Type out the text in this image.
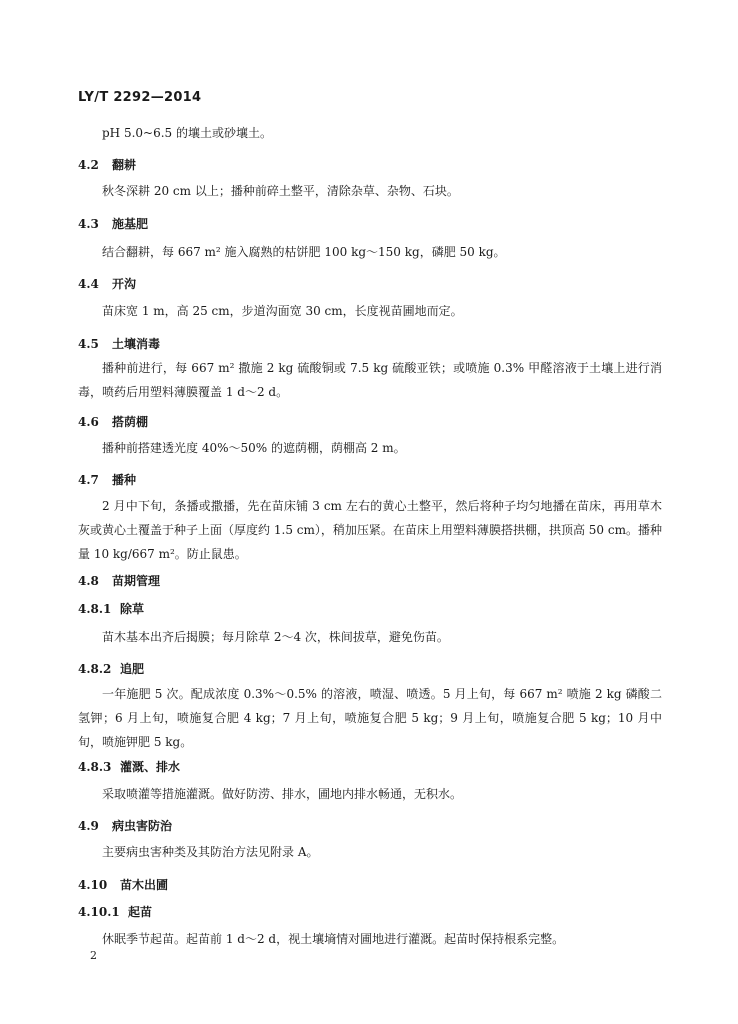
LY/T 2292—2014
pH 5.0~6.5 的壤土或砂壤土。
4.2 翻耕
秋冬深耕 20 cm 以上；播种前碎土整平，清除杂草、杂物、石块。
4.3 施基肥
结合翻耕，每 667 m² 施入腐熟的枯饼肥 100 kg～150 kg，磷肥 50 kg。
4.4 开沟
苗床宽 1 m，高 25 cm，步道沟面宽 30 cm，长度视苗圃地而定。
4.5 土壤消毒
播种前进行，每 667 m² 撒施 2 kg 硫酸铜或 7.5 kg 硫酸亚铁；或喷施 0.3% 甲醛溶液于土壤上进行消毒，喷药后用塑料薄膜覆盖 1 d～2 d。
4.6 搭荫棚
播种前搭建透光度 40%～50% 的遮荫棚，荫棚高 2 m。
4.7 播种
2 月中下旬，条播或撒播，先在苗床铺 3 cm 左右的黄心土整平，然后将种子均匀地播在苗床，再用草木灰或黄心土覆盖于种子上面（厚度约 1.5 cm），稍加压紧。在苗床上用塑料薄膜搭拱棚，拱顶高 50 cm。播种量 10 kg/667 m²。防止鼠患。
4.8 苗期管理
4.8.1 除草
苗木基本出齐后揭膜；每月除草 2～4 次，株间拔草，避免伤苗。
4.8.2 追肥
一年施肥 5 次。配成浓度 0.3%～0.5% 的溶液，喷湿、喷透。5 月上旬，每 667 m² 喷施 2 kg 磷酸二氢钾；6 月上旬，喷施复合肥 4 kg；7 月上旬，喷施复合肥 5 kg；9 月上旬，喷施复合肥 5 kg；10 月中旬，喷施钾肥 5 kg。
4.8.3 灌溉、排水
采取喷灌等措施灌溉。做好防涝、排水，圃地内排水畅通，无积水。
4.9 病虫害防治
主要病虫害种类及其防治方法见附录 A。
4.10 苗木出圃
4.10.1 起苗
休眠季节起苗。起苗前 1 d～2 d，视土壤墒情对圃地进行灌溉。起苗时保持根系完整。
2
